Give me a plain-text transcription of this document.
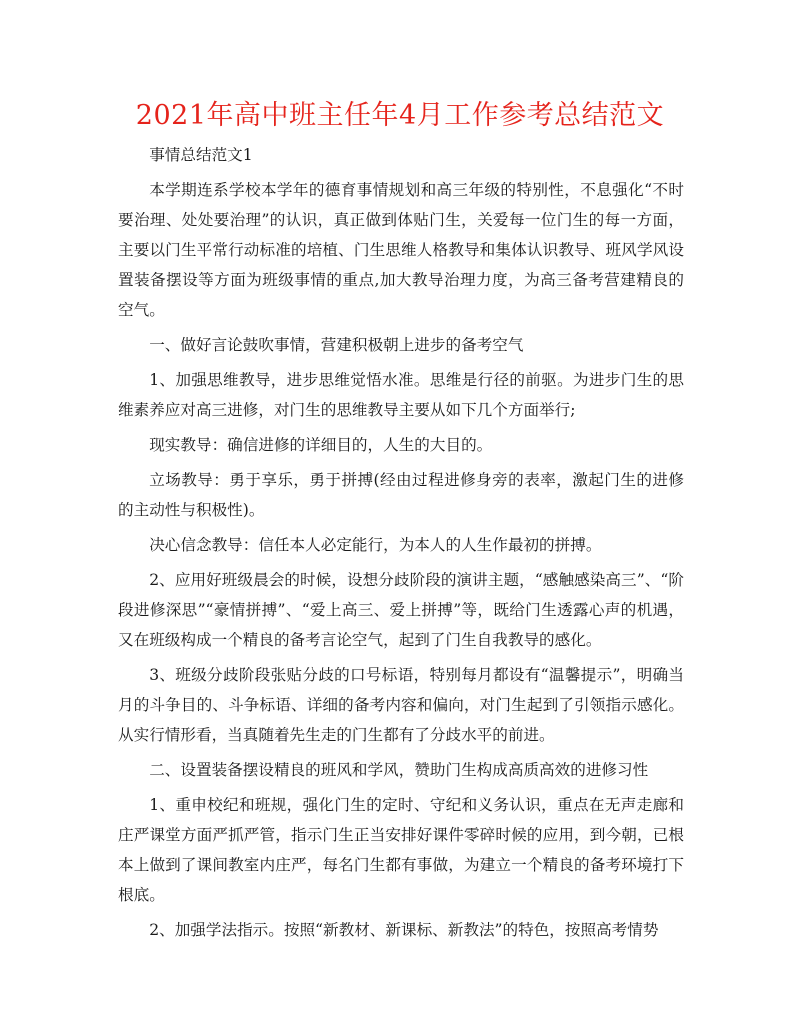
2021年高中班主任年4月工作参考总结范文

事情总结范文1

本学期连系学校本学年的德育事情规划和高三年级的特别性，不息强化“不时要治理、处处要治理”的认识，真正做到体贴门生，关爱每一位门生的每一方面，主要以门生平常行动标准的培植、门生思维人格教导和集体认识教导、班风学风设置装备摆设等方面为班级事情的重点,加大教导治理力度，为高三备考营建精良的空气。

一、做好言论鼓吹事情，营建积极朝上进步的备考空气

1、加强思维教导，进步思维觉悟水准。思维是行径的前驱。为进步门生的思维素养应对高三进修，对门生的思维教导主要从如下几个方面举行;

现实教导：确信进修的详细目的，人生的大目的。

立场教导：勇于享乐，勇于拼搏(经由过程进修身旁的表率，激起门生的进修的主动性与积极性)。

决心信念教导：信任本人必定能行，为本人的人生作最初的拼搏。

2、应用好班级晨会的时候，设想分歧阶段的演讲主题，“感触感染高三”、“阶段进修深思”“豪情拼搏”、“爱上高三、爱上拼搏”等，既给门生透露心声的机遇，又在班级构成一个精良的备考言论空气，起到了门生自我教导的感化。

3、班级分歧阶段张贴分歧的口号标语，特别每月都设有“温馨提示”，明确当月的斗争目的、斗争标语、详细的备考内容和偏向，对门生起到了引领指示感化。从实行情形看，当真随着先生走的门生都有了分歧水平的前进。

二、设置装备摆设精良的班风和学风，赞助门生构成高质高效的进修习性

1、重申校纪和班规，强化门生的定时、守纪和义务认识，重点在无声走廊和庄严课堂方面严抓严管，指示门生正当安排好课件零碎时候的应用，到今朝，已根本上做到了课间教室内庄严，每名门生都有事做，为建立一个精良的备考环境打下根底。

2、加强学法指示。按照“新教材、新课标、新教法”的特色，按照高考情势
